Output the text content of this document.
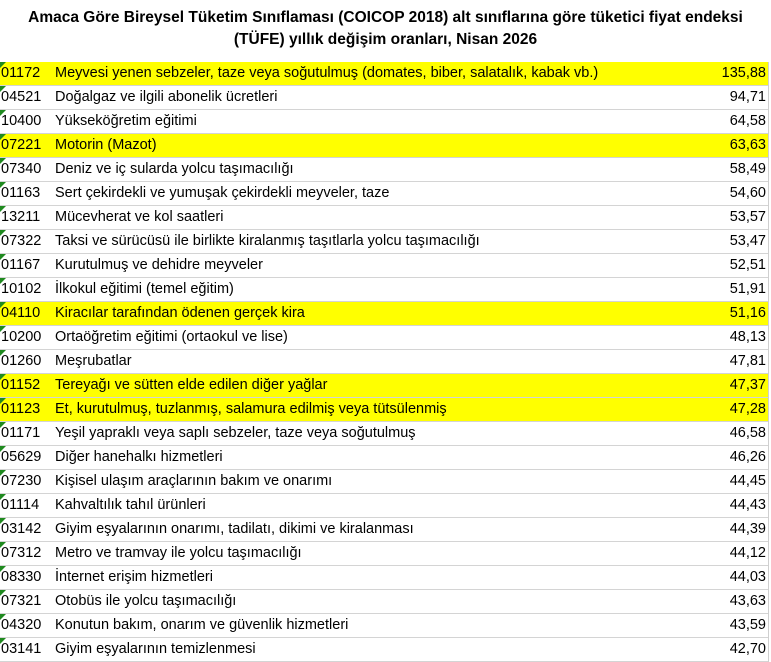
Amaca Göre Bireysel Tüketim Sınıflaması (COICOP 2018) alt sınıflarına göre tüketici fiyat endeksi
(TÜFE) yıllık değişim oranları, Nisan 2026
01172	Meyvesi yenen sebzeler, taze veya soğutulmuş (domates, biber, salatalık, kabak vb.)	135,88
04521 Doğalgaz ve ilgili abonelik ücretleri	94,71
10400 Yükseköğretim eğitimi	64,58
07221 Motorin (Mazot)	63,63
07340 Deniz ve iç sularda yolcu taşımacılığı	58,49
01163	Sert çekirdekli ve yumuşak çekirdekli meyveler, taze	54,60
13211	Mücevherat ve kol saatleri	53,57
07322 Taksi ve sürücüsü ile birlikte kiralanmış taşıtlarla yolcu taşımacılığı	53,47
01167	Kurutulmuş ve dehidre meyveler	52,51
10102 İlkokul eğitimi (temel eğitim)	51,91
04110	Kiracılar tarafından ödenen gerçek kira	51,16
10200 Ortaöğretim eğitimi (ortaokul ve lise)	48,13
01260 Meşrubatlar	47,81
01152	Tereyağı ve sütten elde edilen diğer yağlar	47,37
01123	Et, kurutulmuş, tuzlanmış, salamura edilmiş veya tütsülenmiş	47,28
01171	Yeşil yapraklı veya saplı sebzeler, taze veya soğutulmuş	46,58
05629 Diğer hanehalkı hizmetleri	46,26
07230 Kişisel ulaşım araçlarının bakım ve onarımı	44,45
01114	Kahvaltılık tahıl ürünleri	44,43
03142 Giyim eşyalarının onarımı, tadilatı, dikimi ve kiralanması	44,39
07312 Metro ve tramvay ile yolcu taşımacılığı	44,12
08330 İnternet erişim hizmetleri	44,03
07321 Otobüs ile yolcu taşımacılığı	43,63
04320 Konutun bakım, onarım ve güvenlik hizmetleri	43,59
03141 Giyim eşyalarının temizlenmesi	42,70
